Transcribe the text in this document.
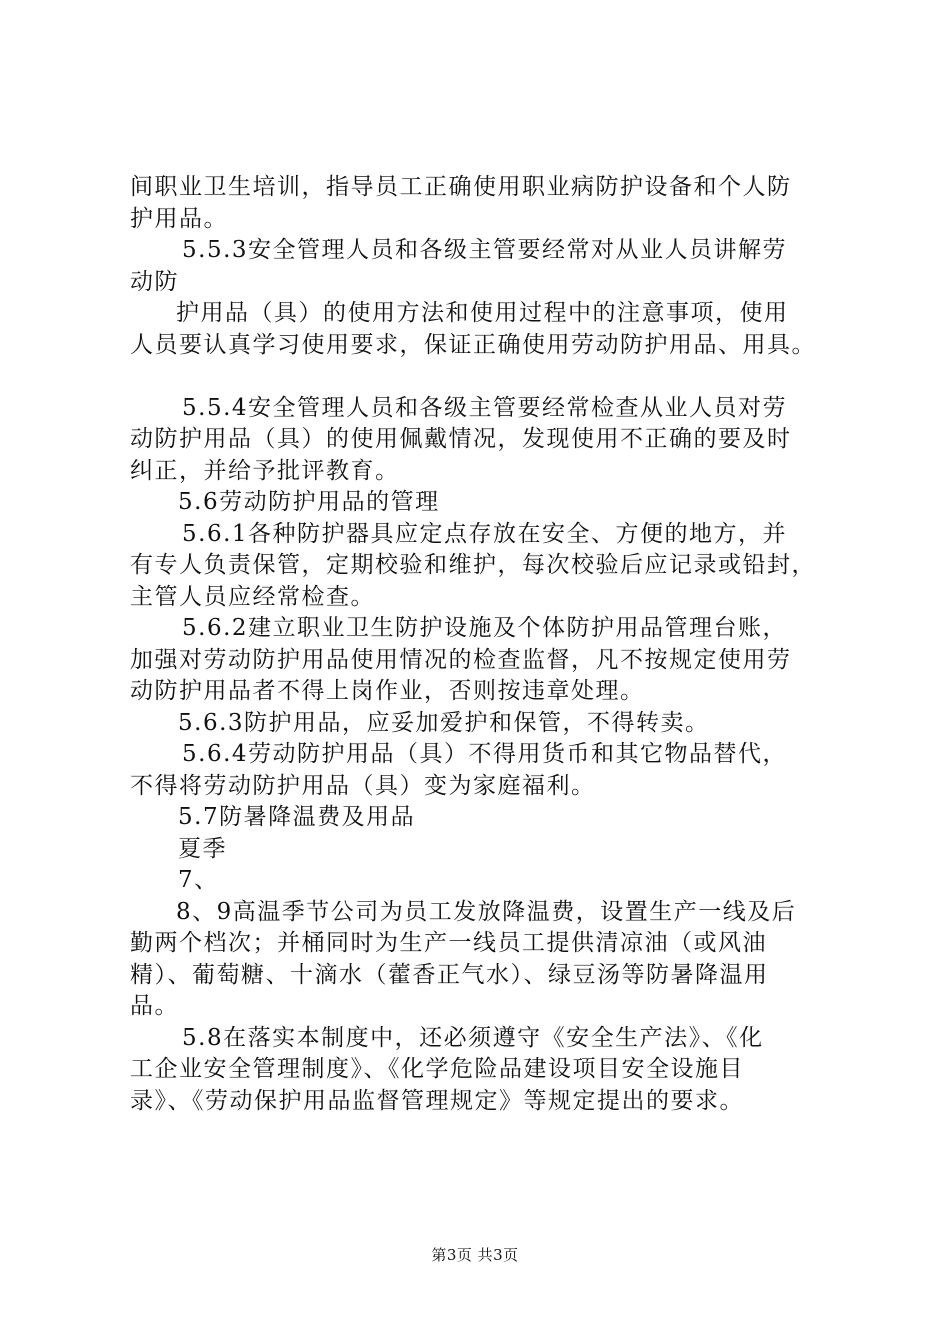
间职业卫生培训，指导员工正确使用职业病防护设备和个人防
护用品。
5.5.3安全管理人员和各级主管要经常对从业人员讲解劳
动防
护用品（具）的使用方法和使用过程中的注意事项，使用
人员要认真学习使用要求，保证正确使用劳动防护用品、用具。
5.5.4安全管理人员和各级主管要经常检查从业人员对劳
动防护用品（具）的使用佩戴情况，发现使用不正确的要及时
纠正，并给予批评教育。
5.6劳动防护用品的管理
5.6.1各种防护器具应定点存放在安全、方便的地方，并
有专人负责保管，定期校验和维护，每次校验后应记录或铅封，
主管人员应经常检查。
5.6.2建立职业卫生防护设施及个体防护用品管理台账，
加强对劳动防护用品使用情况的检查监督，凡不按规定使用劳
动防护用品者不得上岗作业，否则按违章处理。
5.6.3防护用品，应妥加爱护和保管，不得转卖。
5.6.4劳动防护用品（具）不得用货币和其它物品替代，
不得将劳动防护用品（具）变为家庭福利。
5.7防暑降温费及用品
夏季
7、
8、9高温季节公司为员工发放降温费，设置生产一线及后
勤两个档次；并桶同时为生产一线员工提供清凉油（或风油
精）、葡萄糖、十滴水（藿香正气水）、绿豆汤等防暑降温用
品。
5.8在落实本制度中，还必须遵守《安全生产法》、《化
工企业安全管理制度》、《化学危险品建设项目安全设施目
录》、《劳动保护用品监督管理规定》等规定提出的要求。
第3页 共3页
